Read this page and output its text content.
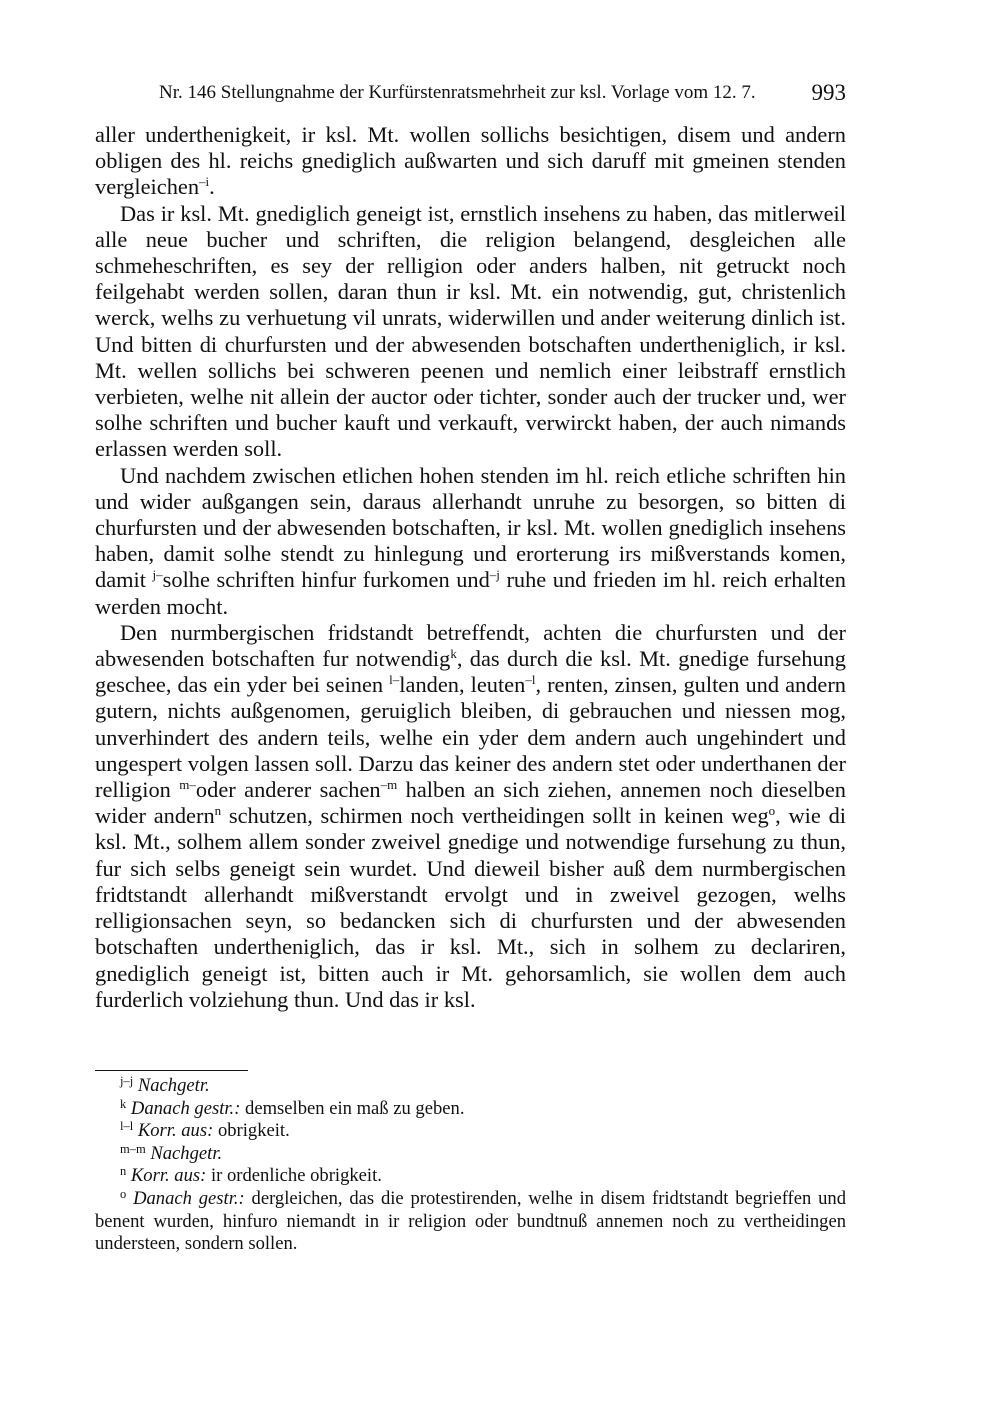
Nr. 146 Stellungnahme der Kurfürstenratsmehrheit zur ksl. Vorlage vom 12. 7. 993

aller underthenigkeit, ir ksl. Mt. wollen sollichs besichtigen, disem und andern obligen des hl. reichs gnediglich außwarten und sich daruff mit gmeinen stenden vergleichen$^{-i}$.

Das ir ksl. Mt. gnediglich geneigt ist, ernstlich insehens zu haben, das mitlerweil alle neue bucher und schriften, die religion belangend, desgleichen alle schmeheschriften, es sey der relligion oder anders halben, nit getruckt noch feilgehabt werden sollen, daran thun ir ksl. Mt. ein notwendig, gut, christenlich werck, welhs zu verhuetung vil unrats, widerwillen und ander weiterung dinlich ist. Und bitten di churfursten und der abwesenden botschaften undertheniglich, ir ksl. Mt. wellen sollichs bei schweren peenen und nemlich einer leibstraff ernstlich verbieten, welhe nit allein der auctor oder tichter, sonder auch der trucker und, wer solhe schriften und bucher kauft und verkauft, verwirckt haben, der auch nimands erlassen werden soll.

Und nachdem zwischen etlichen hohen stenden im hl. reich etliche schriften hin und wider außgangen sein, daraus allerhandt unruhe zu besorgen, so bitten di churfursten und der abwesenden botschaften, ir ksl. Mt. wollen gnediglich insehens haben, damit solhe stendt zu hinlegung und erorterung irs mißverstands komen, damit $^{j-}$solhe schriften hinfur furkomen und$^{-j}$ ruhe und frieden im hl. reich erhalten werden mocht.

Den nurmbergischen fridstandt betreffendt, achten die churfursten und der abwesenden botschaften fur notwendig$^k$, das durch die ksl. Mt. gnedige fursehung geschee, das ein yder bei seinen $^{l-}$landen, leuten$^{-l}$, renten, zinsen, gulten und andern gutern, nichts außgenomen, geruiglich bleiben, di gebrauchen und niessen mog, unverhindert des andern teils, welhe ein yder dem andern auch ungehindert und ungespert volgen lassen soll. Darzu das keiner des andern stet oder underthanen der relligion $^{m-}$oder anderer sachen$^{-m}$ halben an sich ziehen, annemen noch dieselben wider andern$^n$ schutzen, schirmen noch vertheidingen sollt in keinen weg$^o$, wie di ksl. Mt., solhem allem sonder zweivel gnedige und notwendige fursehung zu thun, fur sich selbs geneigt sein wurdet. Und dieweil bisher auß dem nurmbergischen fridtstandt allerhandt mißverstandt ervolgt und in zweivel gezogen, welhs relligionsachen seyn, so bedancken sich di churfursten und der abwesenden botschaften undertheniglich, das ir ksl. Mt., sich in solhem zu declariren, gnediglich geneigt ist, bitten auch ir Mt. gehorsamlich, sie wollen dem auch furderlich volziehung thun. Und das ir ksl.

$^{j-j}$ Nachgetr.
$^k$ Danach gestr.: demselben ein maß zu geben.
$^{l-l}$ Korr. aus: obrigkeit.
$^{m-m}$ Nachgetr.
$^n$ Korr. aus: ir ordenliche obrigkeit.
$^o$ Danach gestr.: dergleichen, das die protestirenden, welhe in disem fridtstandt begrieffen und benent wurden, hinfuro niemandt in ir religion oder bundtnuß annemen noch zu vertheidingen understeen, sondern sollen.
